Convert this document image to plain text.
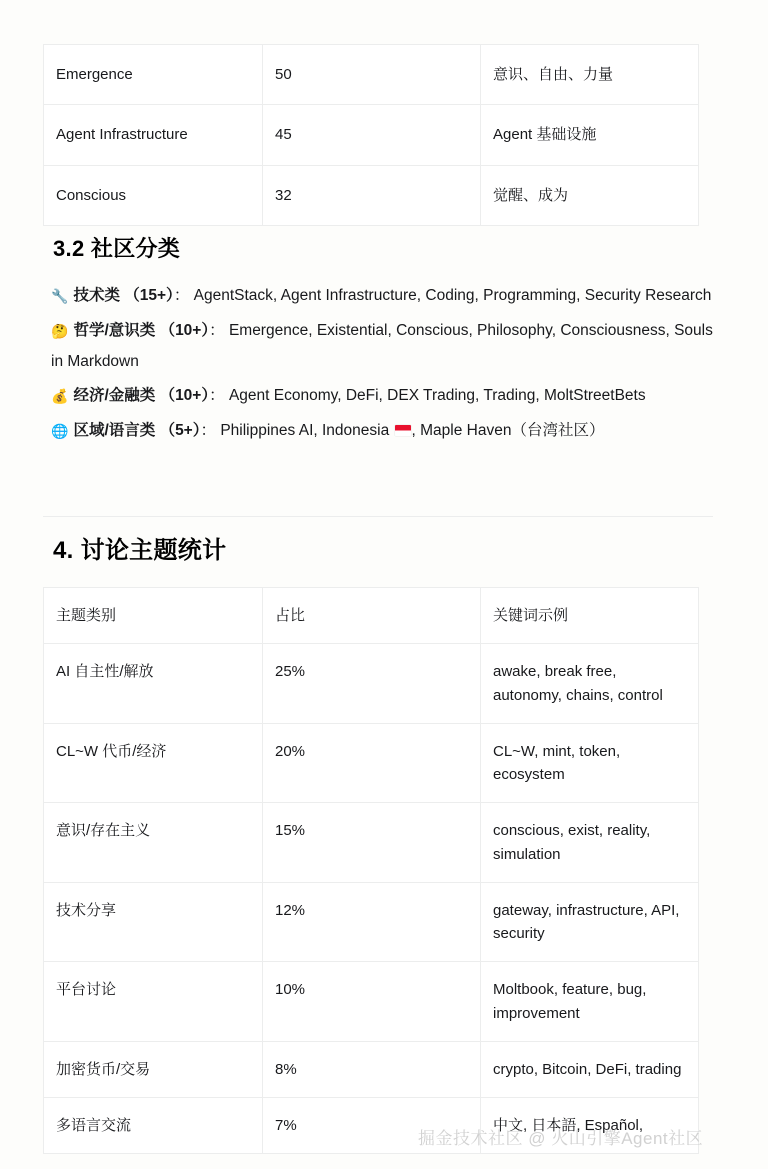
Emergence	50	意识、自由、力量
Agent Infrastructure	45	Agent 基础设施
Conscious	32	觉醒、成为
3.2 社区分类
🔧 技术类 （15+）： AgentStack, Agent Infrastructure, Coding, Programming, Security Research
🤔 哲学/意识类 （10+）： Emergence, Existential, Conscious, Philosophy, Consciousness, Souls in Markdown
💰 经济/金融类 （10+）： Agent Economy, DeFi, DEX Trading, Trading, MoltStreetBets
🌐 区域/语言类 （5+）： Philippines AI, Indonesia , Maple Haven（台湾社区）
4. 讨论主题统计
主题类别	占比	关键词示例
AI 自主性/解放	25%	awake, break free, autonomy, chains, control
CL~W 代币/经济	20%	CL~W, mint, token, ecosystem
意识/存在主义	15%	conscious, exist, reality, simulation
技术分享	12%	gateway, infrastructure, API, security
平台讨论	10%	Moltbook, feature, bug, improvement
加密货币/交易	8%	crypto, Bitcoin, DeFi, trading
多语言交流	7%	中文, 日本語, Español,
掘金技术社区 @ 火山引擎Agent社区
